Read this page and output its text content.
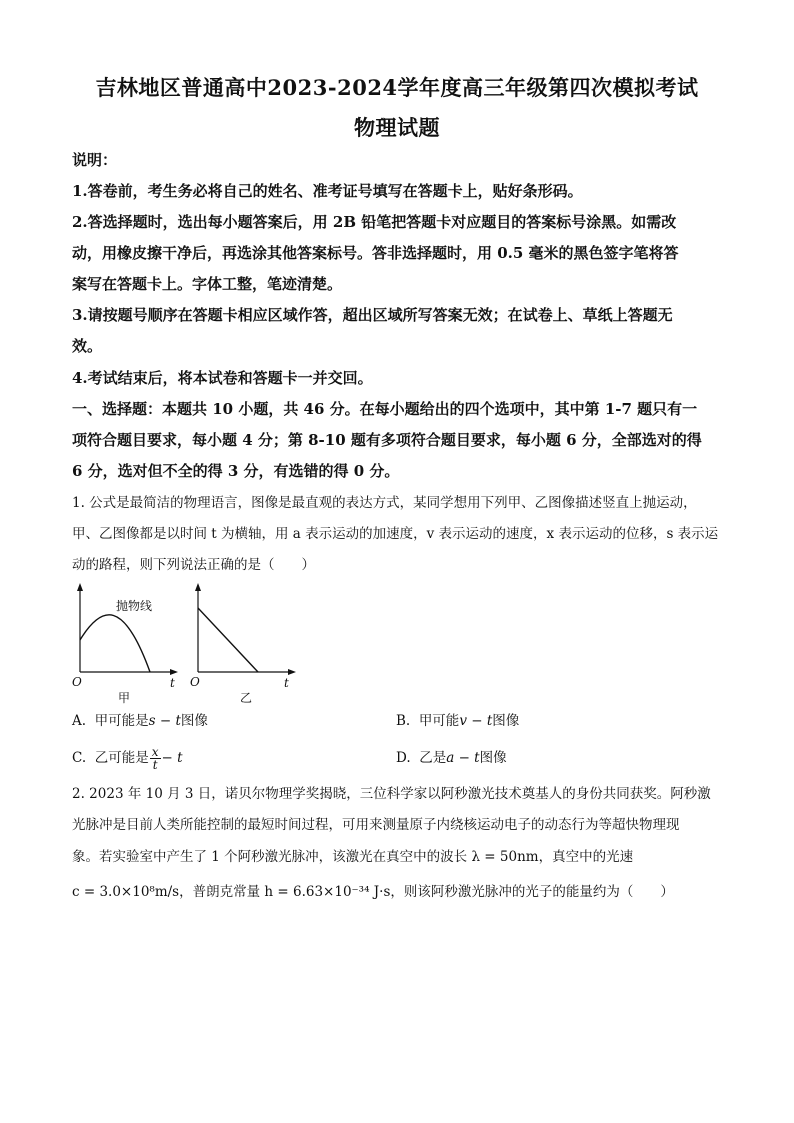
吉林地区普通高中2023-2024学年度高三年级第四次模拟考试
物理试题
说明：
1.答卷前，考生务必将自己的姓名、准考证号填写在答题卡上，贴好条形码。
2.答选择题时，选出每小题答案后，用 2B 铅笔把答题卡对应题目的答案标号涂黑。如需改
动，用橡皮擦干净后，再选涂其他答案标号。答非选择题时，用 0.5 毫米的黑色签字笔将答
案写在答题卡上。字体工整，笔迹清楚。
3.请按题号顺序在答题卡相应区域作答，超出区域所写答案无效；在试卷上、草纸上答题无
效。
4.考试结束后，将本试卷和答题卡一并交回。
一、选择题：本题共 10 小题，共 46 分。在每小题给出的四个选项中，其中第 1-7 题只有一
项符合题目要求，每小题 4 分；第 8-10 题有多项符合题目要求，每小题 6 分，全部选对的得
6 分，选对但不全的得 3 分，有选错的得 0 分。
1. 公式是最简洁的物理语言，图像是最直观的表达方式，某同学想用下列甲、乙图像描述竖直上抛运动，
甲、乙图像都是以时间 t 为横轴，用 a 表示运动的加速度，v 表示运动的速度，x 表示运动的位移，s 表示运
动的路程，则下列说法正确的是（　　）
抛物线
O	t
甲
O	t
乙
A. 甲可能是s − t图像	B. 甲可能v − t图像
C. 乙可能是 $\frac{x}{t} - t$	D. 乙是a − t图像
2. 2023 年 10 月 3 日，诺贝尔物理学奖揭晓，三位科学家以阿秒激光技术奠基人的身份共同获奖。阿秒激
光脉冲是目前人类所能控制的最短时间过程，可用来测量原子内绕核运动电子的动态行为等超快物理现
象。若实验室中产生了 1 个阿秒激光脉冲，该激光在真空中的波长 λ = 50nm，真空中的光速
c = 3.0×10⁸m/s，普朗克常量 h = 6.63×10⁻³⁴ J·s，则该阿秒激光脉冲的光子的能量约为（　　）
